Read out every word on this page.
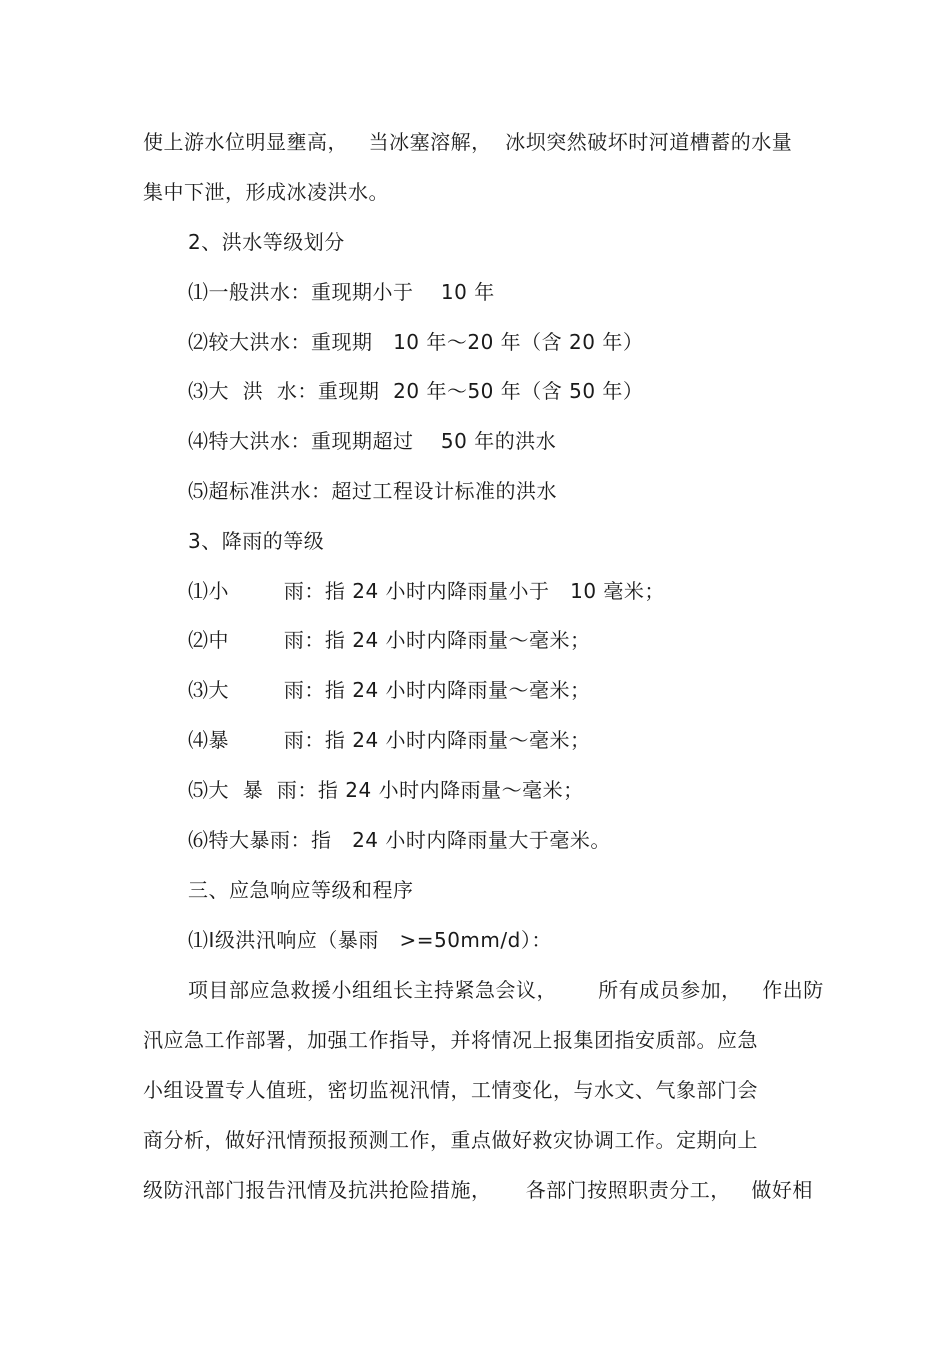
使上游水位明显壅高，   当冰塞溶解，  冰坝突然破坏时河道槽蓄的水量
集中下泄，形成冰凌洪水。
2、洪水等级划分
⑴一般洪水：重现期小于    10 年
⑵较大洪水：重现期   10 年～20 年（含 20 年）
⑶大  洪  水：重现期  20 年～50 年（含 50 年）
⑷特大洪水：重现期超过    50 年的洪水
⑸超标准洪水：超过工程设计标准的洪水
3、降雨的等级
⑴小        雨：指 24 小时内降雨量小于   10 毫米；
⑵中        雨：指 24 小时内降雨量～毫米；
⑶大        雨：指 24 小时内降雨量～毫米；
⑷暴        雨：指 24 小时内降雨量～毫米；
⑸大  暴  雨：指 24 小时内降雨量～毫米；
⑹特大暴雨：指   24 小时内降雨量大于毫米。
三、应急响应等级和程序
⑴Ⅰ级洪汛响应（暴雨   >=50mm/d）：
项目部应急救援小组组长主持紧急会议，      所有成员参加，   作出防
汛应急工作部署，加强工作指导，并将情况上报集团指安质部。应急
小组设置专人值班，密切监视汛情，工情变化，与水文、气象部门会
商分析，做好汛情预报预测工作，重点做好救灾协调工作。定期向上
级防汛部门报告汛情及抗洪抢险措施，     各部门按照职责分工，   做好相
